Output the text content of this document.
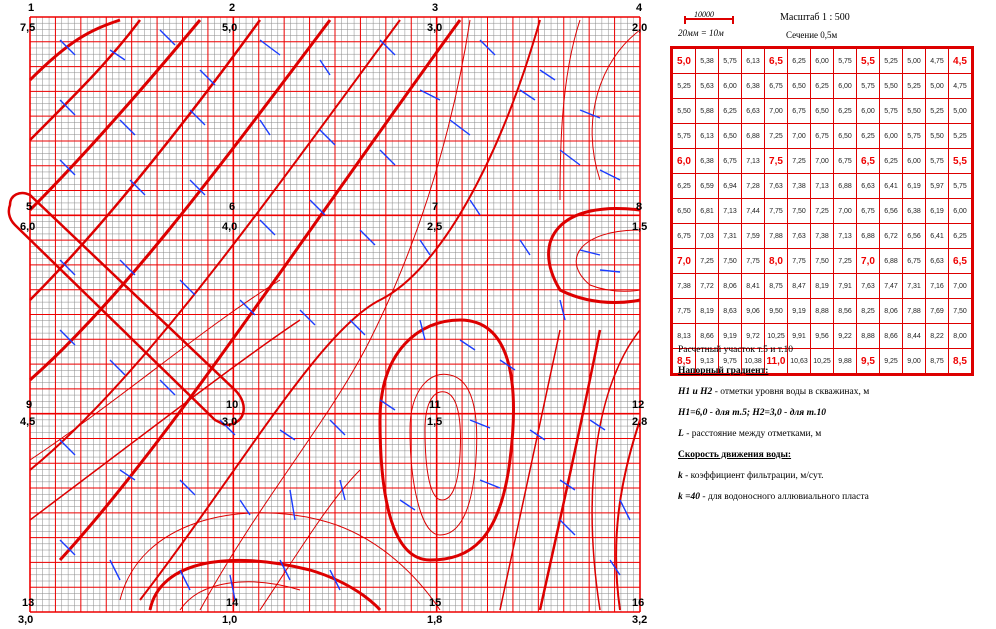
1	2	3	4
5	6	7	8
9	10	11	12
13	14	15	16
7,5	5,0	3,0	2,0
6,0	4,0	2,5	1,5
4,5	3,0	1,5	2,8
3,0	1,0	1,8	3,2
10000
20мм = 10м
Масштаб 1 : 500
Сечение 0,5м
5,0	5,38	5,75	6,13	6,5	6,25	6,00	5,75	5,5	5,25	5,00	4,75	4,5
5,25	5,63	6,00	6,38	6,75	6,50	6,25	6,00	5,75	5,50	5,25	5,00	4,75
5,50	5,88	6,25	6,63	7,00	6,75	6,50	6,25	6,00	5,75	5,50	5,25	5,00
5,75	6,13	6,50	6,88	7,25	7,00	6,75	6,50	6,25	6,00	5,75	5,50	5,25
6,0	6,38	6,75	7,13	7,5	7,25	7,00	6,75	6,5	6,25	6,00	5,75	5,5
6,25	6,59	6,94	7,28	7,63	7,38	7,13	6,88	6,63	6,41	6,19	5,97	5,75
6,50	6,81	7,13	7,44	7,75	7,50	7,25	7,00	6,75	6,56	6,38	6,19	6,00
6,75	7,03	7,31	7,59	7,88	7,63	7,38	7,13	6,88	6,72	6,56	6,41	6,25
7,0	7,25	7,50	7,75	8,0	7,75	7,50	7,25	7,0	6,88	6,75	6,63	6,5
7,38	7,72	8,06	8,41	8,75	8,47	8,19	7,91	7,63	7,47	7,31	7,16	7,00
7,75	8,19	8,63	9,06	9,50	9,19	8,88	8,56	8,25	8,06	7,88	7,69	7,50
8,13	8,66	9,19	9,72	10,25	9,91	9,56	9,22	8,88	8,66	8,44	8,22	8,00
8,5	9,13	9,75	10,38	11,0	10,63	10,25	9,88	9,5	9,25	9,00	8,75	8,5
Расчетный участок т.5 и т.10
Напорный градиент:
Н1 и Н2 - отметки уровня воды в скважинах, м
Н1=6,0 - для т.5; Н2=3,0 - для т.10
L - расстояние между отметками, м
Скорость движения воды:
k - коэффициент фильтрации, м/сут.
k =40 - для водоносного аллювиального пласта
